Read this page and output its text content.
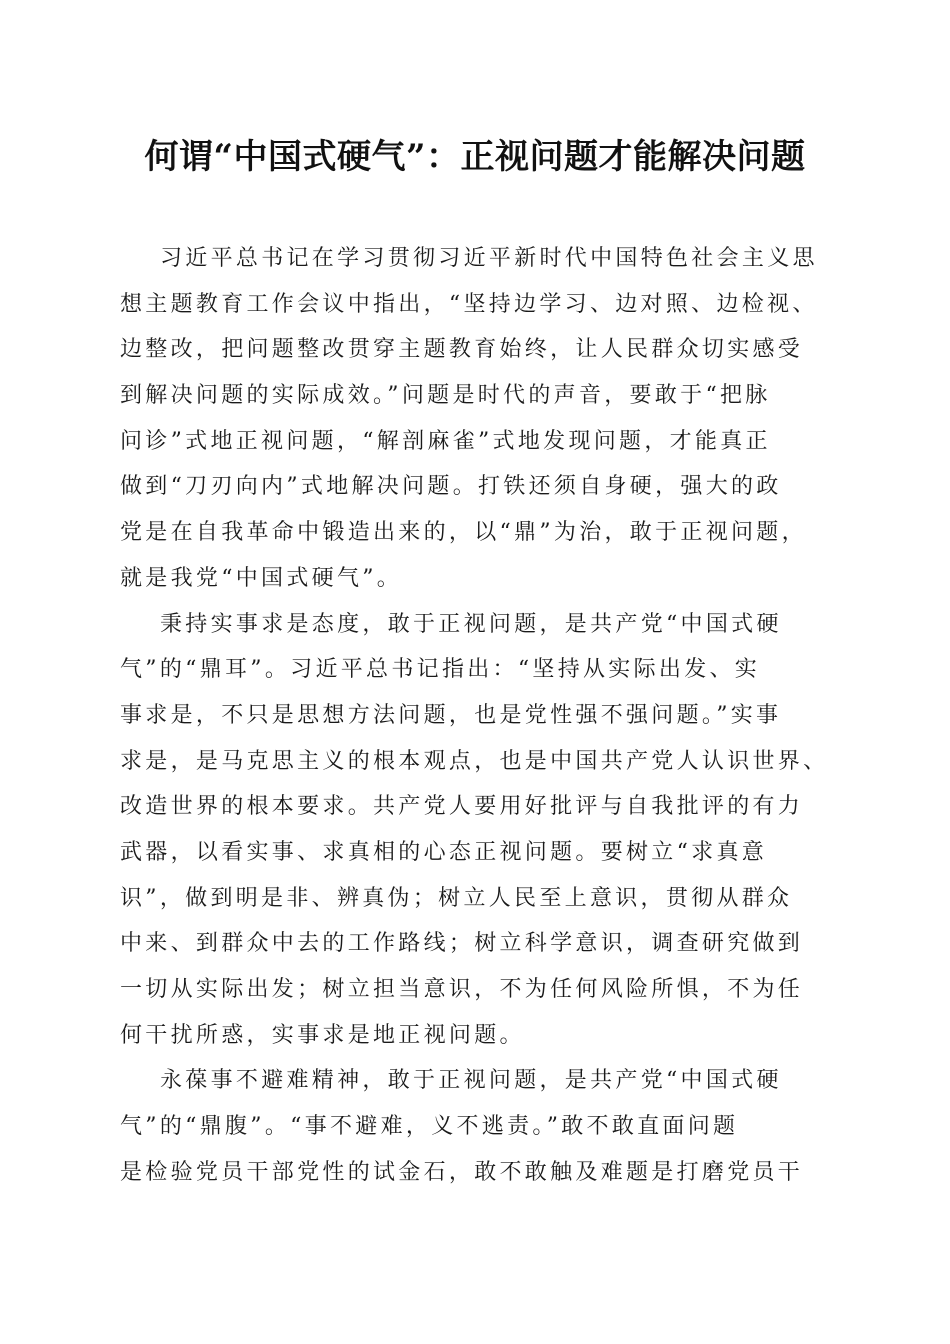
何谓“中国式硬气”：正视问题才能解决问题
习近平总书记在学习贯彻习近平新时代中国特色社会主义思
想主题教育工作会议中指出，“坚持边学习、边对照、边检视、
边整改，把问题整改贯穿主题教育始终，让人民群众切实感受
到解决问题的实际成效。”问题是时代的声音，要敢于“把脉
问诊”式地正视问题，“解剖麻雀”式地发现问题，才能真正
做到“刀刃向内”式地解决问题。打铁还须自身硬，强大的政
党是在自我革命中锻造出来的，以“鼎”为治，敢于正视问题，
就是我党“中国式硬气”。
秉持实事求是态度，敢于正视问题，是共产党“中国式硬
气”的“鼎耳”。习近平总书记指出：“坚持从实际出发、实
事求是，不只是思想方法问题，也是党性强不强问题。”实事
求是，是马克思主义的根本观点，也是中国共产党人认识世界、
改造世界的根本要求。共产党人要用好批评与自我批评的有力
武器，以看实事、求真相的心态正视问题。要树立“求真意
识”，做到明是非、辨真伪；树立人民至上意识，贯彻从群众
中来、到群众中去的工作路线；树立科学意识，调查研究做到
一切从实际出发；树立担当意识，不为任何风险所惧，不为任
何干扰所惑，实事求是地正视问题。
永葆事不避难精神，敢于正视问题，是共产党“中国式硬
气”的“鼎腹”。“事不避难，义不逃责。”敢不敢直面问题
是检验党员干部党性的试金石，敢不敢触及难题是打磨党员干
